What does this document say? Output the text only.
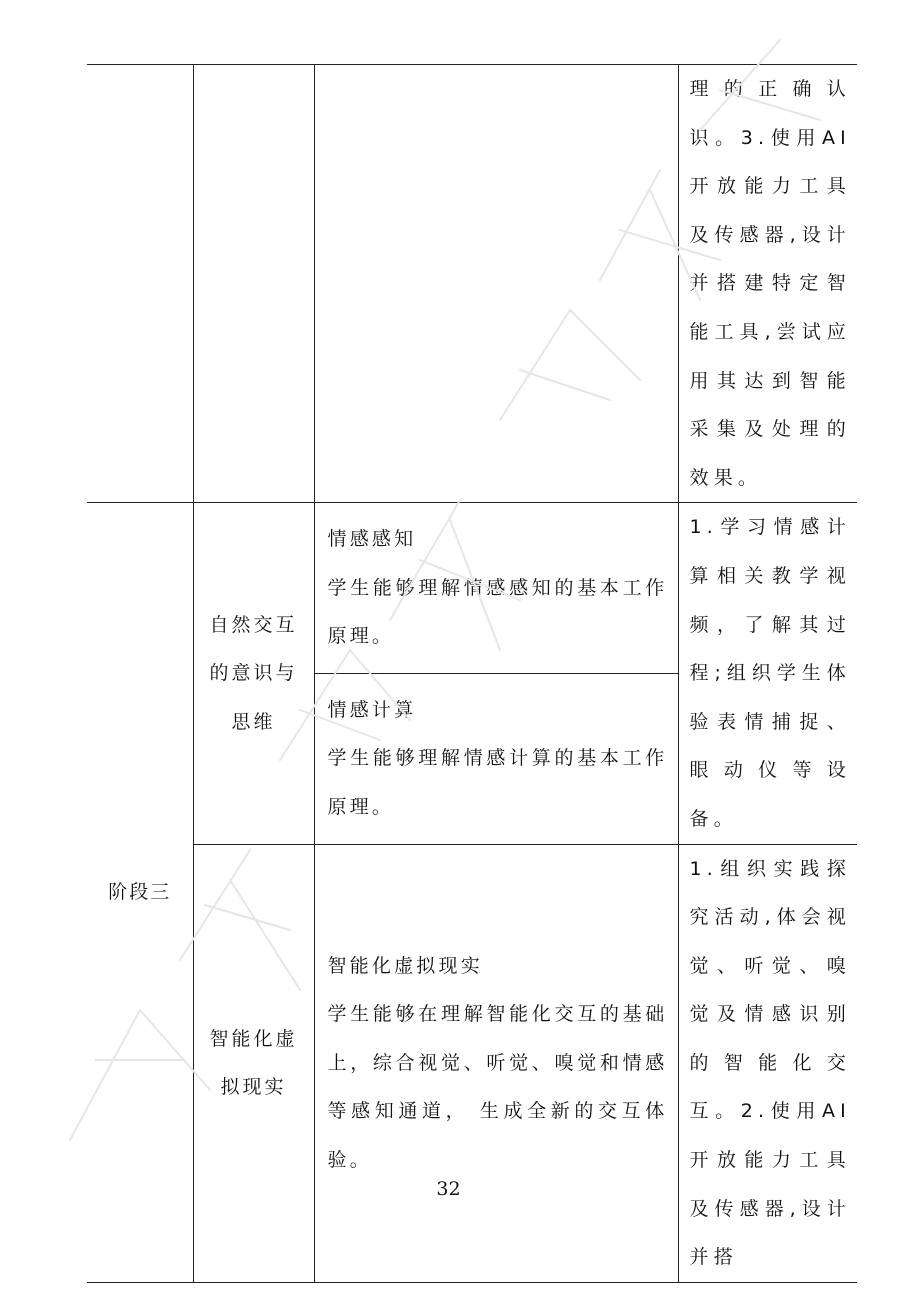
			理的正确认识。3.使用AI开放能力工具及传感器,设计并搭建特定智能工具,尝试应用其达到智能采集及处理的效果。

阶段三	自然交互的意识与思维	情感感知
学生能够理解情感感知的基本工作原理。	1.学习情感计算相关教学视频，了解其过程;组织学生体验表情捕捉、眼动仪等设备。

		情感计算
学生能够理解情感计算的基本工作原理。	

	智能化虚拟现实	智能化虚拟现实
学生能够在理解智能化交互的基础上，综合视觉、听觉、嗅觉和情感等感知通道， 生成全新的交互体验。	1.组织实践探究活动,体会视觉、听觉、嗅觉及情感识别的智能化交互。2.使用AI开放能力工具及传感器,设计并搭
32
